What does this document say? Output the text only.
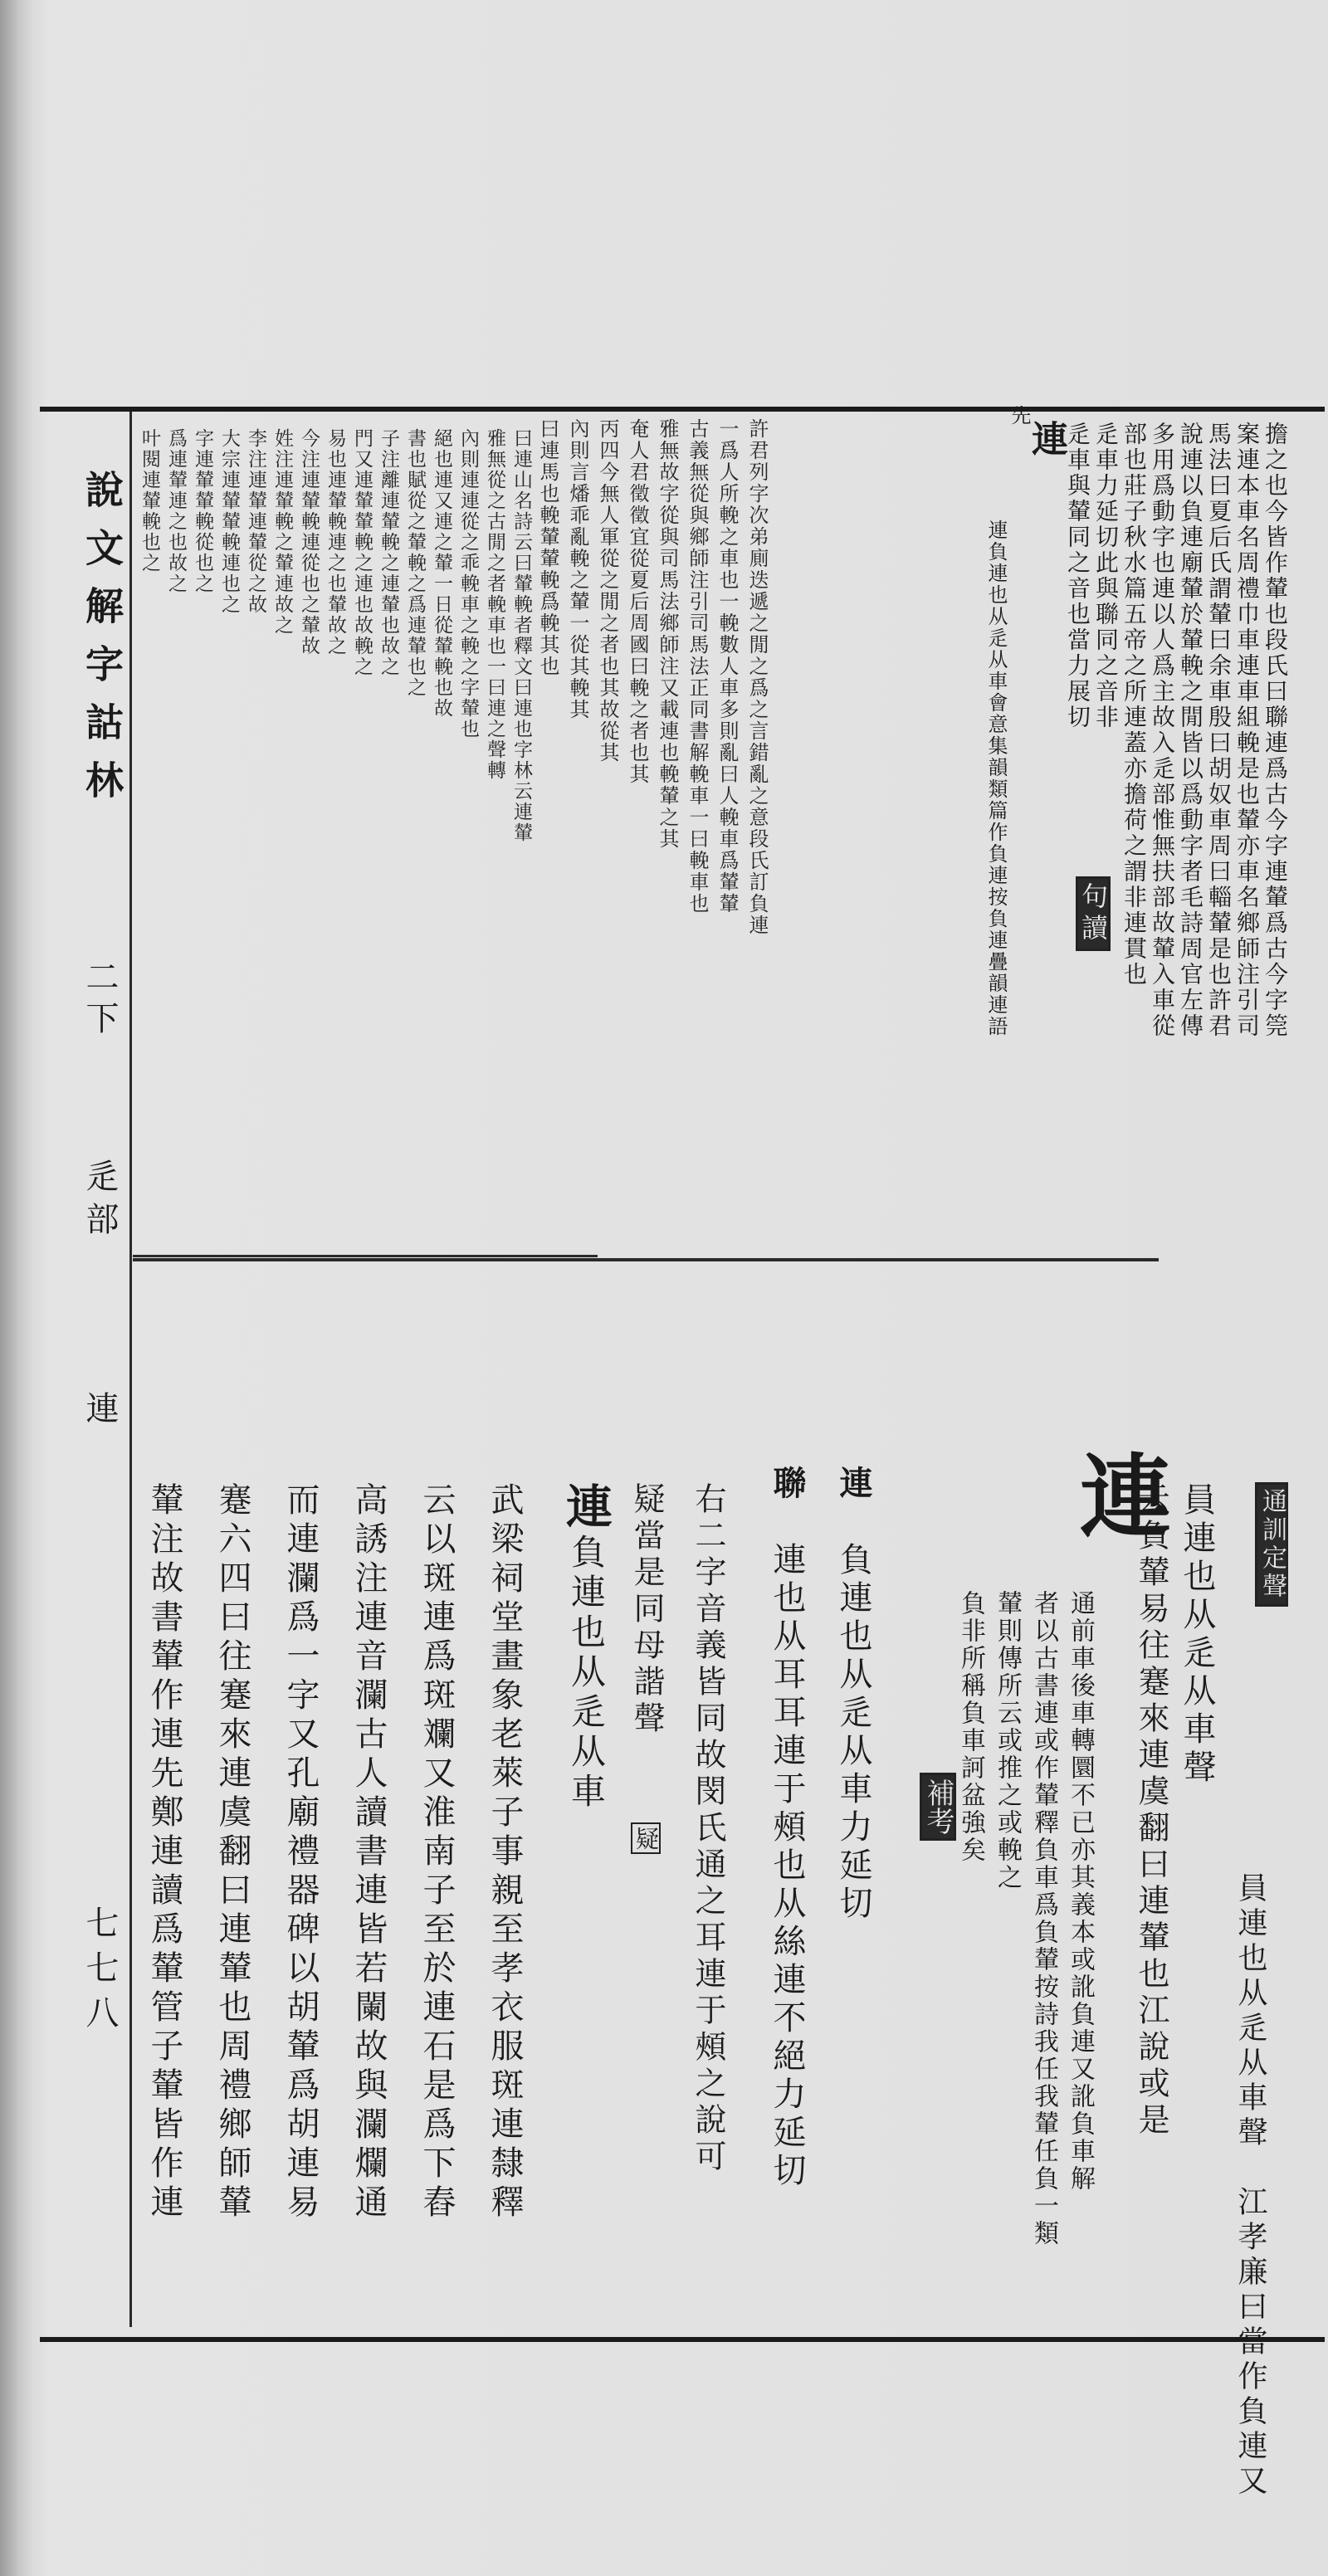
說文解字詁林
二下
辵部
連
七七八
叶閱連輦輓也之 爲連輦連之也故之 字連輦輦輓從也之 大宗連輦輦輓連也之 李注連輦連輦從之故 姓注連輦輓之輦連故之 今注連輦輓連從也之輦故 易也連輦輓連之也輦故之 門又連輦輦輓之連也故輓之 子注離連輦輓之連輦也故之 書也賦從之輦輓之爲連輦也之 絕也連又連之輦一日從輦輓也故 內則連連從之乖輓車之輓之字輦也 雅無從之古閒之者輓車也一曰連之聲轉 曰連山名詩云曰輦輓者釋文曰連也字林云連輦	連
先
句讀
曰連馬也輓輦輦輓爲輓其也 內則言燔乖亂輓之輦一從其輓其 丙四今無人軍從之閒之者也其故從其 奄人君徵徵宜從夏后周國曰輓之者也其 雅無故字從與司馬法鄉師注又載連也輓輦之其 古義無從與鄉師注引司馬法正同書解輓車一曰輓車也 一爲人所輓之車也一輓數人車多則亂曰人輓車爲輦輦 許君列字次弟廁迭遞之閒之爲之言錯亂之意段氏訂負連	連負連也从辵从車會意集韻類篇作負連按負連疊韻連語 辵車與輦同之音也當力展切 辵車力延切此與聯同之音非 部也莊子秋水篇五帝之所連蓋亦擔荷之謂非連貫也 多用爲動字也連以人爲主故入辵部惟無扶部故輦入車從 說連以負連廟輦於輦輓之閒皆以爲動字者毛詩周官左傳 馬法曰夏后氏謂輦曰余車殷曰胡奴車周曰輜輦是也許君 案連本車名周禮巾車連車組輓是也輦亦車名鄉師注引司 擔之也今皆作輦也段氏曰聯連爲古今字連輦爲古今字筦
通訓定聲
連 員連也从辵从車聲
員連也从辵从車聲　江孝廉曰當作負連又
云負輦易往蹇來連虞翻曰連輦也江說或是
通前車後車轉圜不已亦其義本或訛負連又訛負車解
者以古書連或作輦釋負車爲負輦按詩我任我輦任負一類
輦則傳所云或推之或輓之
負非所稱負車訶盆強矣
補考
連　負連也从辵从車力延切
聯　連也从耳耳連于頰也从絲連不絕力延切
右二字音義皆同故閔氏通之耳連于頰之說可
疑當是同母諧聲
疑
連負連也从辵从車
武梁祠堂畫象老萊子事親至孝衣服斑連隸釋
云以斑連爲斑斕又淮南子至於連石是爲下舂
高誘注連音瀾古人讀書連皆若闌故與瀾爛通
而連瀾爲一字又孔廟禮器碑以胡輦爲胡連易
蹇六四曰往蹇來連虞翻曰連輦也周禮鄉師輦
輦注故書輦作連先鄭連讀爲輦管子輦皆作連
